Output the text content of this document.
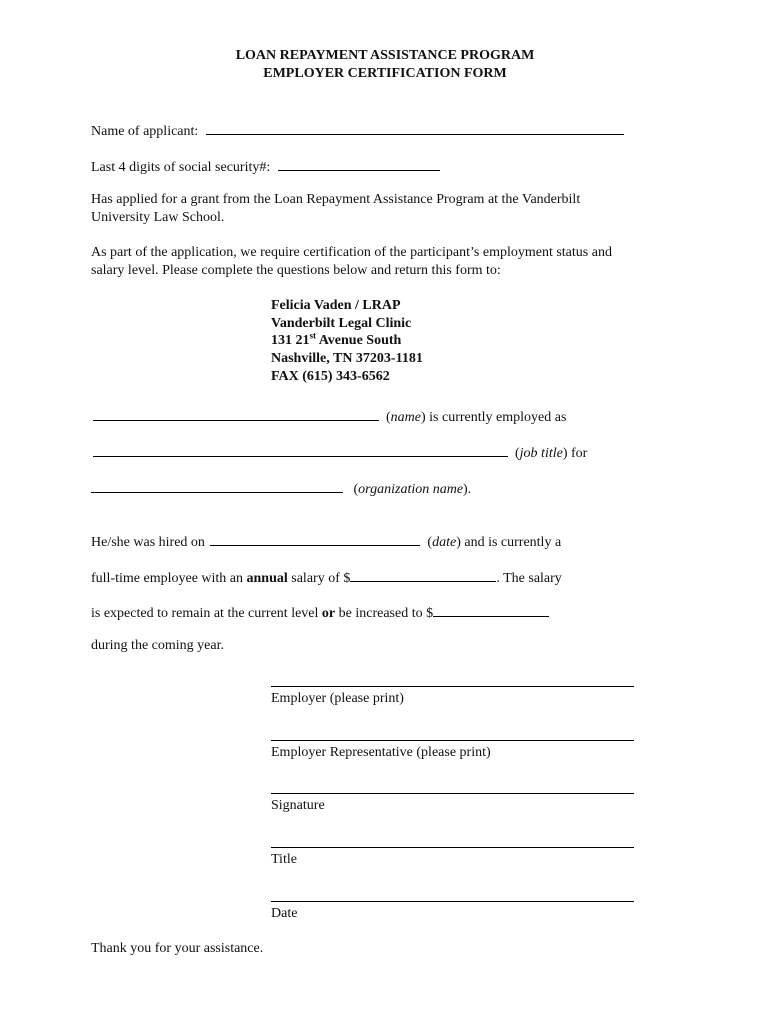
LOAN REPAYMENT ASSISTANCE PROGRAM
EMPLOYER CERTIFICATION FORM
Name of applicant:
Last 4 digits of social security#:
Has applied for a grant from the Loan Repayment Assistance Program at the Vanderbilt
University Law School.
As part of the application, we require certification of the participant’s employment status and
salary level. Please complete the questions below and return this form to:
Felicia Vaden / LRAP
Vanderbilt Legal Clinic
131 21st Avenue South
Nashville, TN 37203-1181
FAX (615) 343-6562
(name) is currently employed as
(job title) for
(organization name).
He/she was hired on	(date) and is currently a
full-time employee with an annual salary of $	. The salary
is expected to remain at the current level or be increased to $
during the coming year.
Employer (please print)
Employer Representative (please print)
Signature
Title
Date
Thank you for your assistance.
